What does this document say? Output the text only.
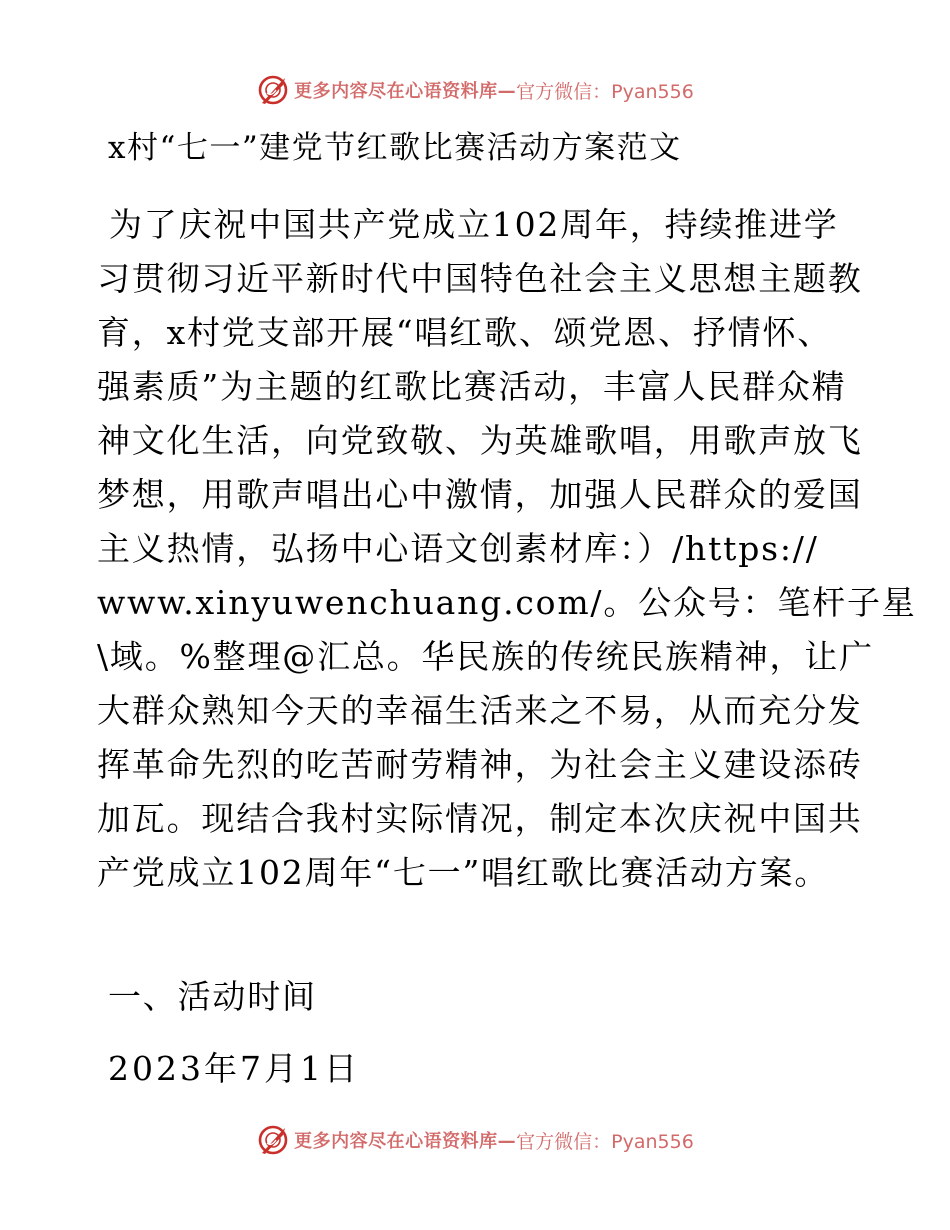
更多内容尽在心语资料库— 官方微信：Pyan556
x村“七一”建党节红歌比赛活动方案范文
为了庆祝中国共产党成立102周年，持续推进学
习贯彻习近平新时代中国特色社会主义思想主题教
育，x村党支部开展“唱红歌、颂党恩、抒情怀、
强素质”为主题的红歌比赛活动，丰富人民群众精
神文化生活，向党致敬、为英雄歌唱，用歌声放飞
梦想，用歌声唱出心中激情，加强人民群众的爱国
主义热情，弘扬中心语文创素材库：）/https://
www.xinyuwenchuang.com/。公众号：笔杆子星
\域。%整理@汇总。华民族的传统民族精神，让广
大群众熟知今天的幸福生活来之不易，从而充分发
挥革命先烈的吃苦耐劳精神，为社会主义建设添砖
加瓦。现结合我村实际情况，制定本次庆祝中国共
产党成立102周年“七一”唱红歌比赛活动方案。
一、活动时间
2023年7月1日
更多内容尽在心语资料库— 官方微信：Pyan556
